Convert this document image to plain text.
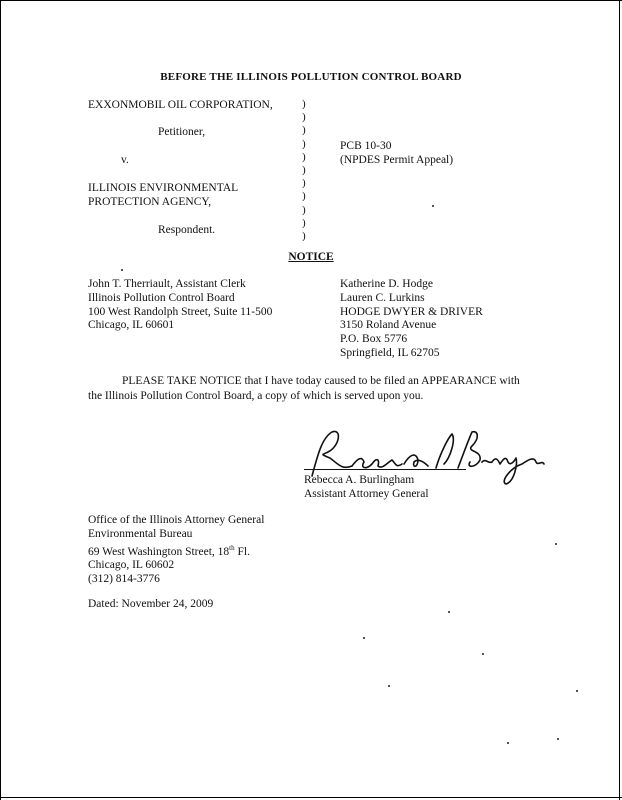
BEFORE THE ILLINOIS POLLUTION CONTROL BOARD
EXXONMOBIL OIL CORPORATION,
Petitioner,
v.
ILLINOIS ENVIRONMENTAL
PROTECTION AGENCY,
Respondent.
)
)
)
)
)
)
)
)
)
)
)
PCB 10-30
(NPDES Permit Appeal)
NOTICE
John T. Therriault, Assistant Clerk
Illinois Pollution Control Board
100 West Randolph Street, Suite 11-500
Chicago, IL 60601
Katherine D. Hodge
Lauren C. Lurkins
HODGE DWYER & DRIVER
3150 Roland Avenue
P.O. Box 5776
Springfield, IL 62705
PLEASE TAKE NOTICE that I have today caused to be filed an APPEARANCE with the Illinois Pollution Control Board, a copy of which is served upon you.
Rebecca A. Burlingham
Assistant Attorney General
Office of the Illinois Attorney General
Environmental Bureau
69 West Washington Street, 18th Fl.
Chicago, IL 60602
(312) 814-3776
Dated: November 24, 2009
